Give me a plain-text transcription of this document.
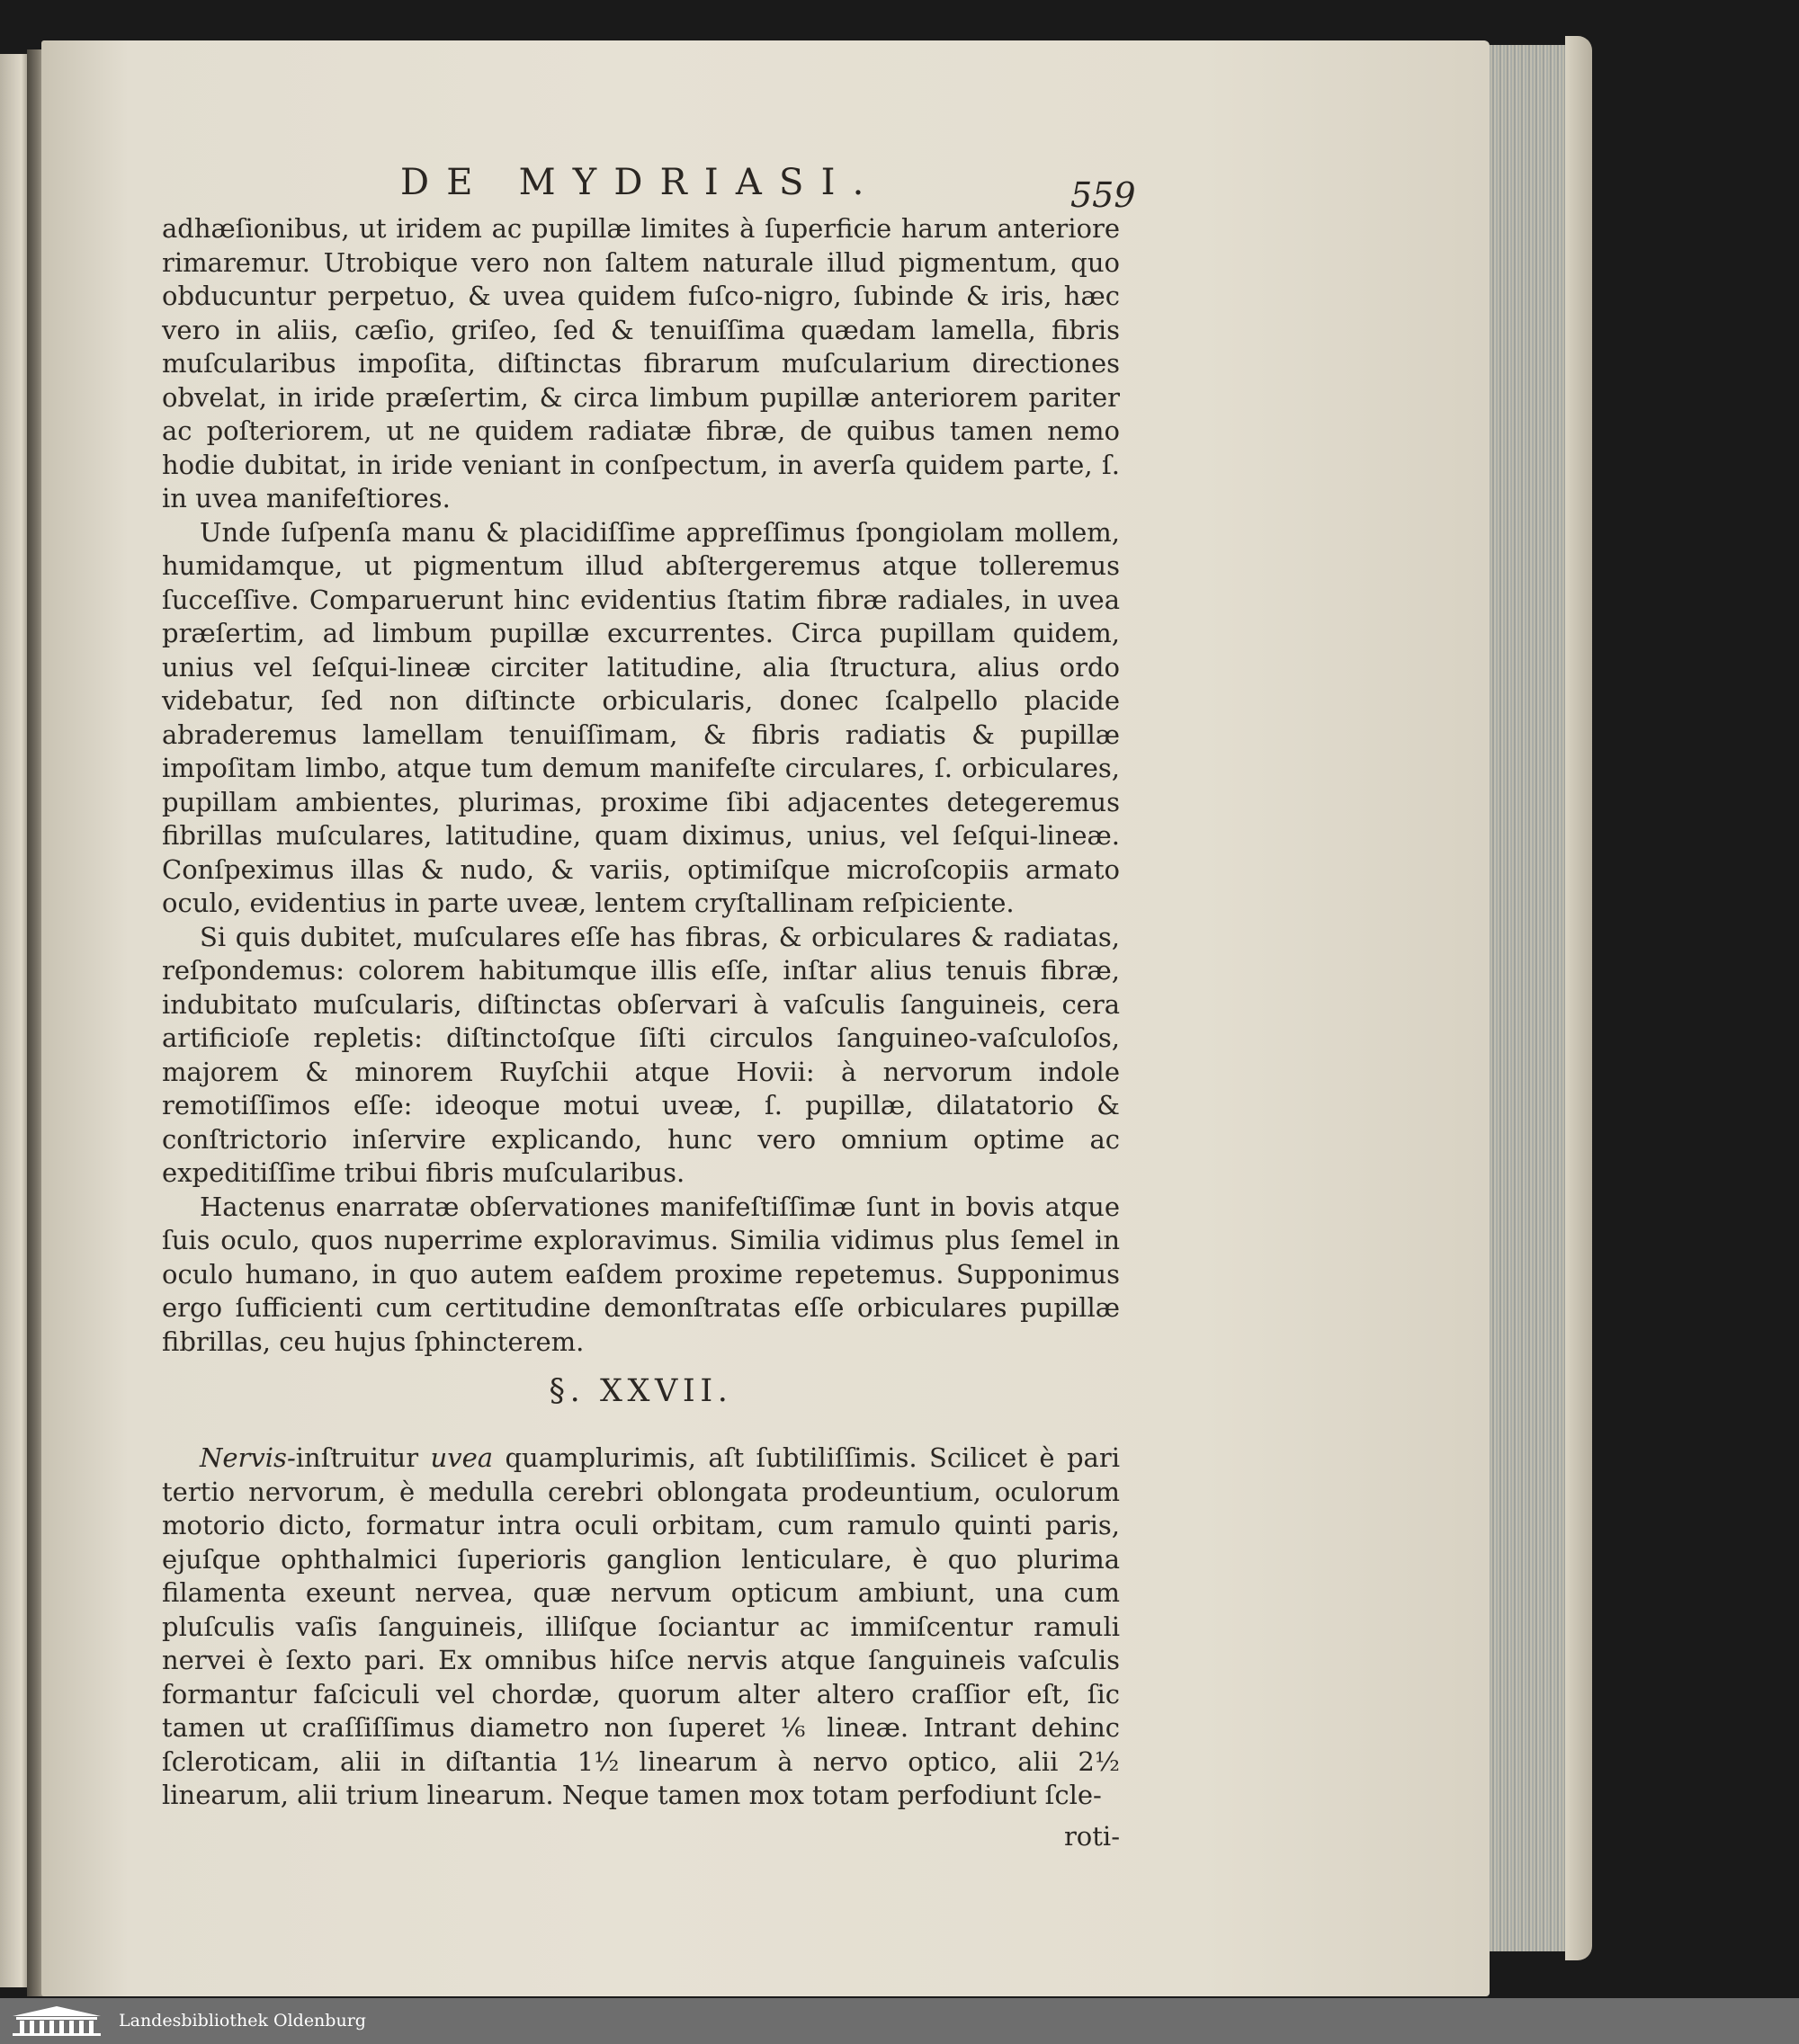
DE MYDRIASI.	559

adhæſionibus, ut iridem ac pupillæ limites à ſuperficie harum anteriore rimaremur. Utrobique vero non ſaltem naturale illud pigmentum, quo obducuntur perpetuo, & uvea quidem fuſco-nigro, ſubinde & iris, hæc vero in aliis, cæſio, griſeo, ſed & tenuiſſima quædam lamella, fibris muſcularibus impoſita, diſtinctas fibrarum muſcularium directiones obvelat, in iride præſertim, & circa limbum pupillæ anteriorem pariter ac poſteriorem, ut ne quidem radiatæ fibræ, de quibus tamen nemo hodie dubitat, in iride veniant in conſpectum, in averſa quidem parte, ſ. in uvea manifeſtiores.

Unde ſuſpenſa manu & placidiſſime appreſſimus ſpongiolam mollem, humidamque, ut pigmentum illud abſtergeremus atque tolleremus ſucceſſive. Comparuerunt hinc evidentius ſtatim fibræ radiales, in uvea præſertim, ad limbum pupillæ excurrentes. Circa pupillam quidem, unius vel ſeſqui-lineæ circiter latitudine, alia ſtructura, alius ordo videbatur, ſed non diſtincte orbicularis, donec ſcalpello placide abraderemus lamellam tenuiſſimam, & fibris radiatis & pupillæ impoſitam limbo, atque tum demum manifeſte circulares, ſ. orbiculares, pupillam ambientes, plurimas, proxime ſibi adjacentes detegeremus fibrillas muſculares, latitudine, quam diximus, unius, vel ſeſqui-lineæ. Conſpeximus illas & nudo, & variis, optimiſque microſcopiis armato oculo, evidentius in parte uveæ, lentem cryſtallinam reſpiciente.

Si quis dubitet, muſculares eſſe has fibras, & orbiculares & radiatas, reſpondemus: colorem habitumque illis eſſe, inſtar alius tenuis fibræ, indubitato muſcularis, diſtinctas obſervari à vaſculis ſanguineis, cera artificioſe repletis: diſtinctoſque ſiſti circulos ſanguineo-vaſculoſos, majorem & minorem Ruyſchii atque Hovii: à nervorum indole remotiſſimos eſſe: ideoque motui uveæ, ſ. pupillæ, dilatatorio & conſtrictorio inſervire explicando, hunc vero omnium optime ac expeditiſſime tribui fibris muſcularibus.

Hactenus enarratæ obſervationes manifeſtiſſimæ ſunt in bovis atque ſuis oculo, quos nuperrime exploravimus. Similia vidimus plus ſemel in oculo humano, in quo autem eaſdem proxime repetemus. Supponimus ergo ſufficienti cum certitudine demonſtratas eſſe orbiculares pupillæ fibrillas, ceu hujus ſphincterem.

§. XXVII.

Nervis-inſtruitur uvea quamplurimis, aſt ſubtiliſſimis. Scilicet è pari tertio nervorum, è medulla cerebri oblongata prodeuntium, oculorum motorio dicto, formatur intra oculi orbitam, cum ramulo quinti paris, ejuſque ophthalmici ſuperioris ganglion lenticulare, è quo plurima filamenta exeunt nervea, quæ nervum opticum ambiunt, una cum pluſculis vaſis ſanguineis, illiſque ſociantur ac immiſcentur ramuli nervei è ſexto pari. Ex omnibus hiſce nervis atque ſanguineis vaſculis formantur faſciculi vel chordæ, quorum alter altero craſſior eſt, ſic tamen ut craſſiſſimus diametro non ſuperet ⅙ lineæ. Intrant dehinc ſcleroticam, alii in diſtantia 1½ linearum à nervo optico, alii 2½ linearum, alii trium linearum. Neque tamen mox totam perfodiunt ſcle-

roti-
Landesbibliothek Oldenburg
